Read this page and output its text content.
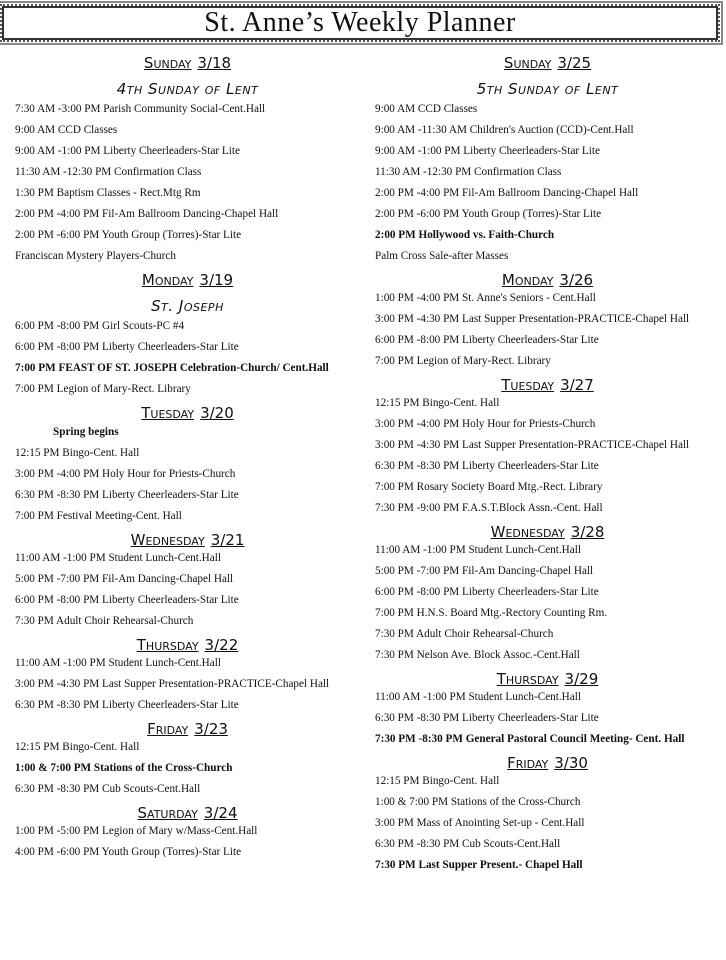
St. Anne’s Weekly Planner
Sunday 3/18
4th Sunday of Lent
7:30 AM -3:00 PM Parish Community Social-Cent.Hall
9:00 AM CCD Classes
9:00 AM -1:00 PM Liberty Cheerleaders-Star Lite
11:30 AM -12:30 PM Confirmation Class
1:30 PM Baptism Classes - Rect.Mtg Rm
2:00 PM -4:00 PM Fil-Am Ballroom Dancing-Chapel Hall
2:00 PM -6:00 PM Youth Group (Torres)-Star Lite
Franciscan Mystery Players-Church
Monday 3/19
St. Joseph
6:00 PM -8:00 PM Girl Scouts-PC #4
6:00 PM -8:00 PM Liberty Cheerleaders-Star Lite
7:00 PM FEAST OF ST. JOSEPH Celebration-Church/ Cent.Hall
7:00 PM Legion of Mary-Rect. Library
Tuesday 3/20
Spring begins
12:15 PM Bingo-Cent. Hall
3:00 PM -4:00 PM Holy Hour for Priests-Church
6:30 PM -8:30 PM Liberty Cheerleaders-Star Lite
7:00 PM Festival Meeting-Cent. Hall
Wednesday 3/21
11:00 AM -1:00 PM Student Lunch-Cent.Hall
5:00 PM -7:00 PM Fil-Am Dancing-Chapel Hall
6:00 PM -8:00 PM Liberty Cheerleaders-Star Lite
7:30 PM Adult Choir Rehearsal-Church
Thursday 3/22
11:00 AM -1:00 PM Student Lunch-Cent.Hall
3:00 PM -4:30 PM Last Supper Presentation-PRACTICE-Chapel Hall
6:30 PM -8:30 PM Liberty Cheerleaders-Star Lite
Friday 3/23
12:15 PM Bingo-Cent. Hall
1:00 & 7:00 PM Stations of the Cross-Church
6:30 PM -8:30 PM Cub Scouts-Cent.Hall
Saturday 3/24
1:00 PM -5:00 PM Legion of Mary w/Mass-Cent.Hall
4:00 PM -6:00 PM Youth Group (Torres)-Star Lite
Sunday 3/25
5th Sunday of Lent
9:00 AM CCD Classes
9:00 AM -11:30 AM Children's Auction (CCD)-Cent.Hall
9:00 AM -1:00 PM Liberty Cheerleaders-Star Lite
11:30 AM -12:30 PM Confirmation Class
2:00 PM -4:00 PM Fil-Am Ballroom Dancing-Chapel Hall
2:00 PM -6:00 PM Youth Group (Torres)-Star Lite
2:00 PM Hollywood vs. Faith-Church
Palm Cross Sale-after Masses
Monday 3/26
1:00 PM -4:00 PM St. Anne's Seniors - Cent.Hall
3:00 PM -4:30 PM Last Supper Presentation-PRACTICE-Chapel Hall
6:00 PM -8:00 PM Liberty Cheerleaders-Star Lite
7:00 PM Legion of Mary-Rect. Library
Tuesday 3/27
12:15 PM Bingo-Cent. Hall
3:00 PM -4:00 PM Holy Hour for Priests-Church
3:00 PM -4:30 PM Last Supper Presentation-PRACTICE-Chapel Hall
6:30 PM -8:30 PM Liberty Cheerleaders-Star Lite
7:00 PM Rosary Society Board Mtg.-Rect. Library
7:30 PM -9:00 PM F.A.S.T.Block Assn.-Cent. Hall
Wednesday 3/28
11:00 AM -1:00 PM Student Lunch-Cent.Hall
5:00 PM -7:00 PM Fil-Am Dancing-Chapel Hall
6:00 PM -8:00 PM Liberty Cheerleaders-Star Lite
7:00 PM H.N.S. Board Mtg.-Rectory Counting Rm.
7:30 PM Adult Choir Rehearsal-Church
7:30 PM Nelson Ave. Block Assoc.-Cent.Hall
Thursday 3/29
11:00 AM -1:00 PM Student Lunch-Cent.Hall
6:30 PM -8:30 PM Liberty Cheerleaders-Star Lite
7:30 PM -8:30 PM General Pastoral Council Meeting- Cent. Hall
Friday 3/30
12:15 PM Bingo-Cent. Hall
1:00 & 7:00 PM Stations of the Cross-Church
3:00 PM Mass of Anointing Set-up - Cent.Hall
6:30 PM -8:30 PM Cub Scouts-Cent.Hall
7:30 PM Last Supper Present.- Chapel Hall
